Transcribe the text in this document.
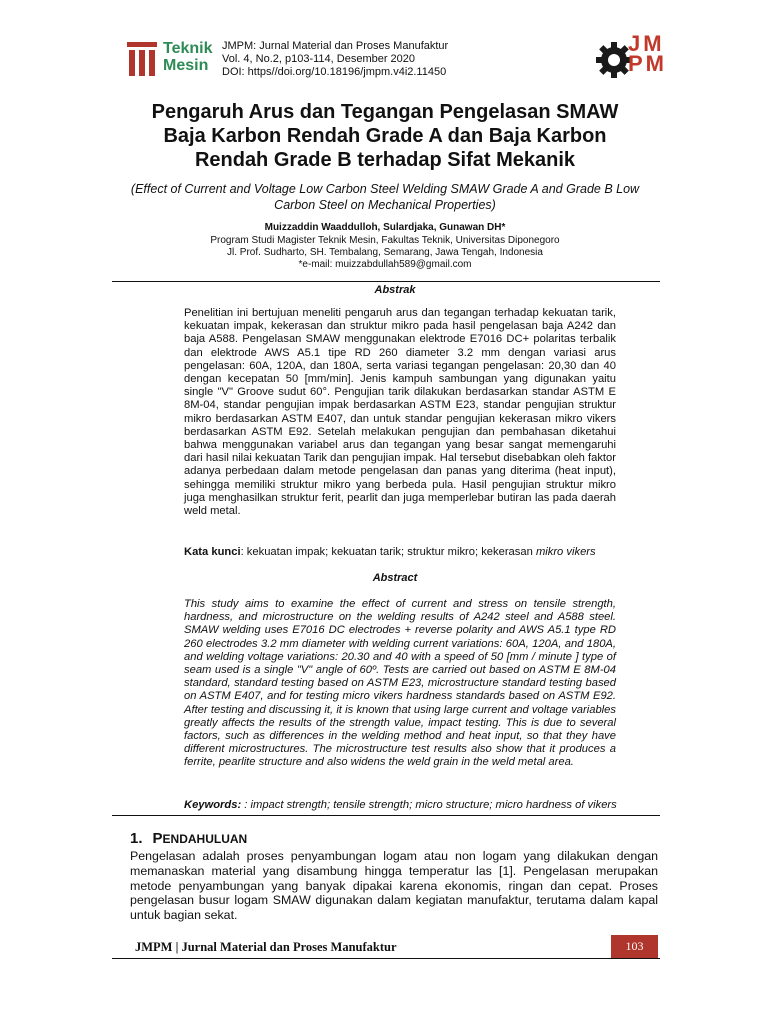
Teknik
Mesin
JMPM: Jurnal Material dan Proses Manufaktur
Vol. 4, No.2, p103-114, Desember 2020
DOI: https//doi.org/10.18196/jmpm.v4i2.11450
JM
PM
Pengaruh Arus dan Tegangan Pengelasan SMAW
Baja Karbon Rendah Grade A dan Baja Karbon
Rendah Grade B terhadap Sifat Mekanik
(Effect of Current and Voltage Low Carbon Steel Welding SMAW Grade A and Grade B Low Carbon Steel on Mechanical Properties)
Muizzaddin Waaddulloh, Sulardjaka, Gunawan DH*
Program Studi Magister Teknik Mesin, Fakultas Teknik, Universitas Diponegoro
Jl. Prof. Sudharto, SH. Tembalang, Semarang, Jawa Tengah, Indonesia
*e-mail: muizzabdullah589@gmail.com
Abstrak
Penelitian ini bertujuan meneliti pengaruh arus dan tegangan terhadap kekuatan tarik, kekuatan impak, kekerasan dan struktur mikro pada hasil pengelasan baja A242 dan baja A588. Pengelasan SMAW menggunakan elektrode E7016 DC+ polaritas terbalik dan elektrode AWS A5.1 tipe RD 260 diameter 3.2 mm dengan variasi arus pengelasan: 60A, 120A, dan 180A, serta variasi tegangan pengelasan: 20,30 dan 40 dengan kecepatan 50 [mm/min]. Jenis kampuh sambungan yang digunakan yaitu single "V" Groove sudut 60°. Pengujian tarik dilakukan berdasarkan standar ASTM E 8M-04, standar pengujian impak berdasarkan ASTM E23, standar pengujian struktur mikro berdasarkan ASTM E407, dan untuk standar pengujian kekerasan mikro vikers berdasarkan ASTM E92. Setelah melakukan pengujian dan pembahasan diketahui bahwa menggunakan variabel arus dan tegangan yang besar sangat memengaruhi dari hasil nilai kekuatan Tarik dan pengujian impak. Hal tersebut disebabkan oleh faktor adanya perbedaan dalam metode pengelasan dan panas yang diterima (heat input), sehingga memiliki struktur mikro yang berbeda pula. Hasil pengujian struktur mikro juga menghasilkan struktur ferit, pearlit dan juga memperlebar butiran las pada daerah weld metal.
Kata kunci: kekuatan impak; kekuatan tarik; struktur mikro; kekerasan mikro vikers
Abstract
This study aims to examine the effect of current and stress on tensile strength, hardness, and microstructure on the welding results of A242 steel and A588 steel. SMAW welding uses E7016 DC electrodes + reverse polarity and AWS A5.1 type RD 260 electrodes 3.2 mm diameter with welding current variations: 60A, 120A, and 180A, and welding voltage variations: 20.30 and 40 with a speed of 50 [mm / minute ] type of seam used is a single "V" angle of 60º. Tests are carried out based on ASTM E 8M-04 standard, standard testing based on ASTM E23, microstructure standard testing based on ASTM E407, and for testing micro vikers hardness standards based on ASTM E92. After testing and discussing it, it is known that using large current and voltage variables greatly affects the results of the strength value, impact testing. This is due to several factors, such as differences in the welding method and heat input, so that they have different microstructures. The microstructure test results also show that it produces a ferrite, pearlite structure and also widens the weld grain in the weld metal area.
Keywords: : impact strength; tensile strength; micro structure; micro hardness of vikers
1. PENDAHULUAN
Pengelasan adalah proses penyambungan logam atau non logam yang dilakukan dengan memanaskan material yang disambung hingga temperatur las [1]. Pengelasan merupakan metode penyambungan yang banyak dipakai karena ekonomis, ringan dan cepat. Proses pengelasan busur logam SMAW digunakan dalam kegiatan manufaktur, terutama dalam kapal untuk bagian sekat.
JMPM | Jurnal Material dan Proses Manufaktur	103
